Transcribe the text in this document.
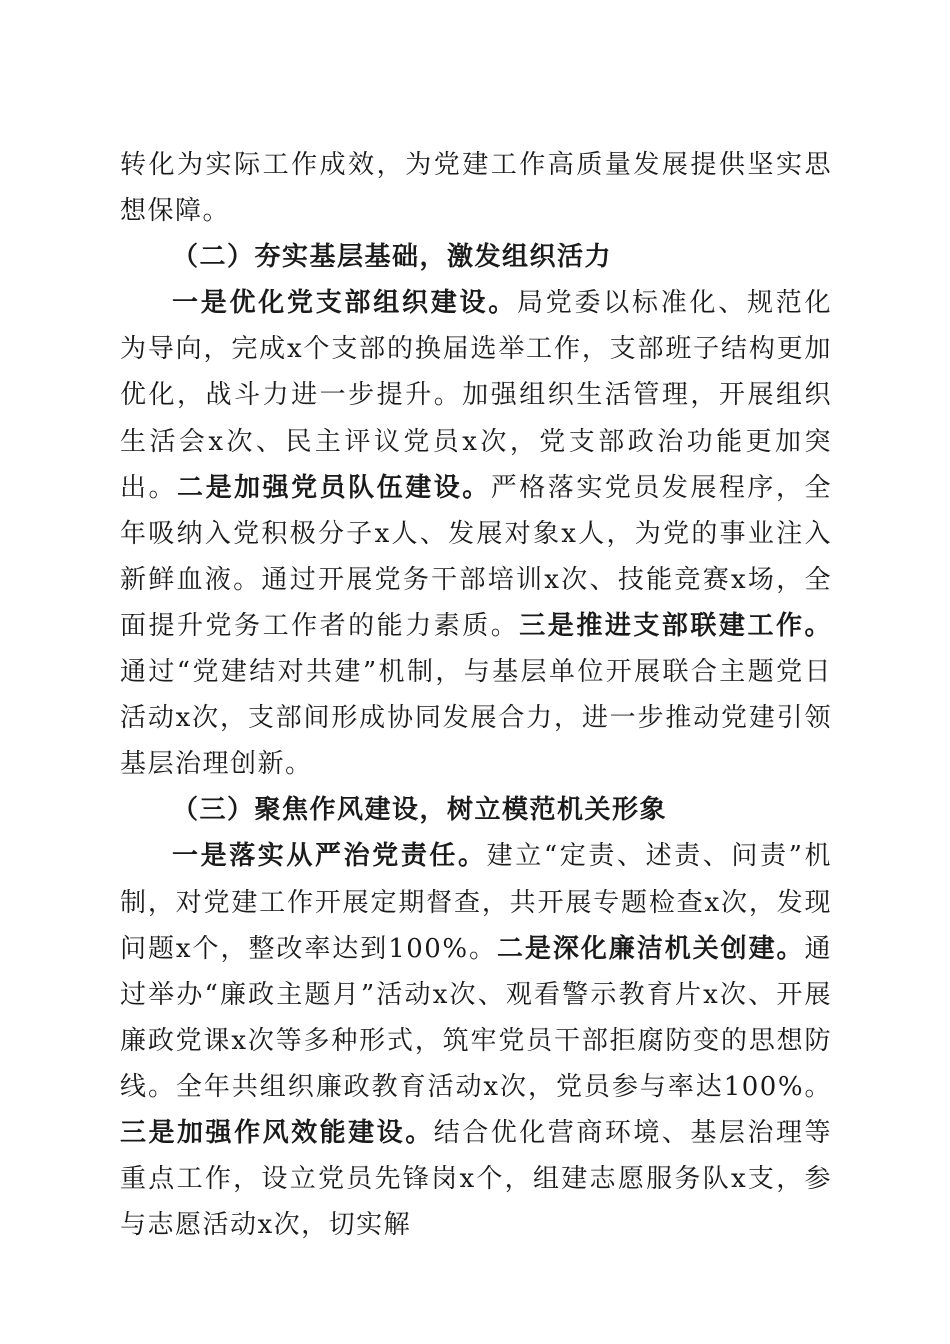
转化为实际工作成效，为党建工作高质量发展提供坚实思想保障。

（二）夯实基层基础，激发组织活力

一是优化党支部组织建设。局党委以标准化、规范化为导向，完成x个支部的换届选举工作，支部班子结构更加优化，战斗力进一步提升。加强组织生活管理，开展组织生活会x次、民主评议党员x次，党支部政治功能更加突出。二是加强党员队伍建设。严格落实党员发展程序，全年吸纳入党积极分子x人、发展对象x人，为党的事业注入新鲜血液。通过开展党务干部培训x次、技能竞赛x场，全面提升党务工作者的能力素质。三是推进支部联建工作。通过“党建结对共建”机制，与基层单位开展联合主题党日活动x次，支部间形成协同发展合力，进一步推动党建引领基层治理创新。

（三）聚焦作风建设，树立模范机关形象

一是落实从严治党责任。建立“定责、述责、问责”机制，对党建工作开展定期督查，共开展专题检查x次，发现问题x个，整改率达到100%。二是深化廉洁机关创建。通过举办“廉政主题月”活动x次、观看警示教育片x次、开展廉政党课x次等多种形式，筑牢党员干部拒腐防变的思想防线。全年共组织廉政教育活动x次，党员参与率达100%。三是加强作风效能建设。结合优化营商环境、基层治理等重点工作，设立党员先锋岗x个，组建志愿服务队x支，参与志愿活动x次，切实解
